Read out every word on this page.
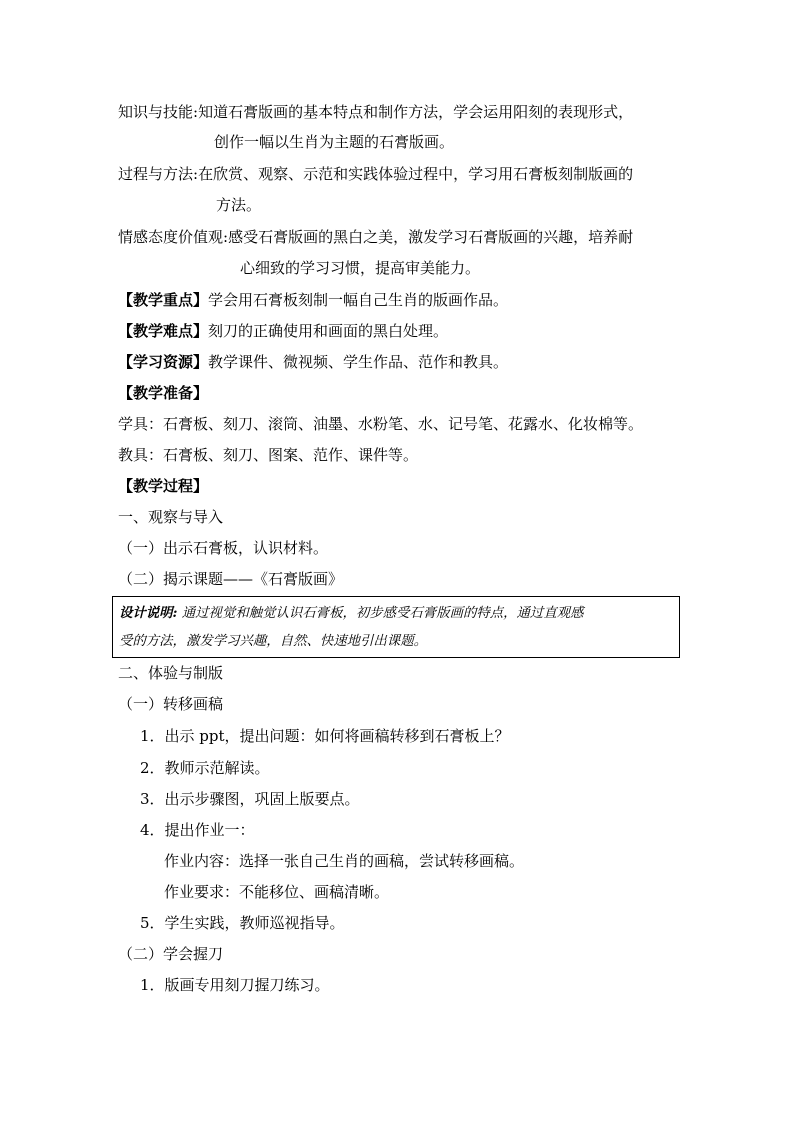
知识与技能:知道石膏版画的基本特点和制作方法，学会运用阳刻的表现形式，
创作一幅以生肖为主题的石膏版画。
过程与方法:在欣赏、观察、示范和实践体验过程中，学习用石膏板刻制版画的
方法。
情感态度价值观:感受石膏版画的黑白之美，激发学习石膏版画的兴趣，培养耐
心细致的学习习惯，提高审美能力。
【教学重点】学会用石膏板刻制一幅自己生肖的版画作品。
【教学难点】刻刀的正确使用和画面的黑白处理。
【学习资源】教学课件、微视频、学生作品、范作和教具。
【教学准备】
学具：石膏板、刻刀、滚筒、油墨、水粉笔、水、记号笔、花露水、化妆棉等。
教具：石膏板、刻刀、图案、范作、课件等。
【教学过程】
一、观察与导入
（一）出示石膏板，认识材料。
（二）揭示课题——《石膏版画》
设计说明: 通过视觉和触觉认识石膏板，初步感受石膏版画的特点，通过直观感
受的方法，激发学习兴趣，自然、快速地引出课题。
二、体验与制版
（一）转移画稿
1．出示 ppt，提出问题：如何将画稿转移到石膏板上？
2．教师示范解读。
3．出示步骤图，巩固上版要点。
4．提出作业一：
作业内容：选择一张自己生肖的画稿，尝试转移画稿。
作业要求：不能移位、画稿清晰。
5．学生实践，教师巡视指导。
（二）学会握刀
1．版画专用刻刀握刀练习。
